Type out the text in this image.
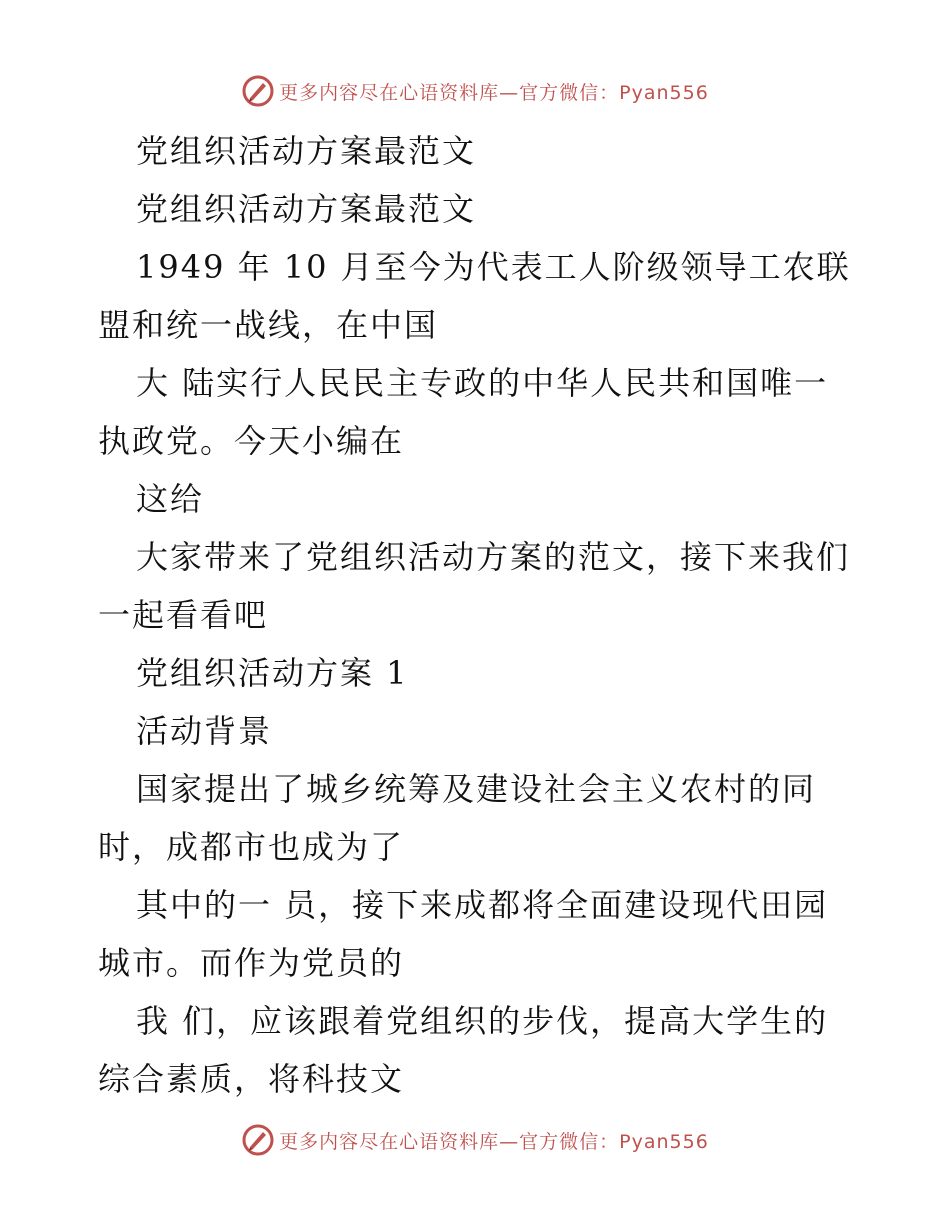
更多内容尽在心语资料库—官方微信：Pyan556
党组织活动方案最范文
党组织活动方案最范文
1949 年 10 月至今为代表工人阶级领导工农联
盟和统一战线，在中国
大 陆实行人民民主专政的中华人民共和国唯一
执政党。今天小编在
这给
大家带来了党组织活动方案的范文，接下来我们
一起看看吧
党组织活动方案 1
活动背景
国家提出了城乡统筹及建设社会主义农村的同
时，成都市也成为了
其中的一 员，接下来成都将全面建设现代田园
城市。而作为党员的
我 们，应该跟着党组织的步伐，提高大学生的
综合素质，将科技文
更多内容尽在心语资料库—官方微信：Pyan556
